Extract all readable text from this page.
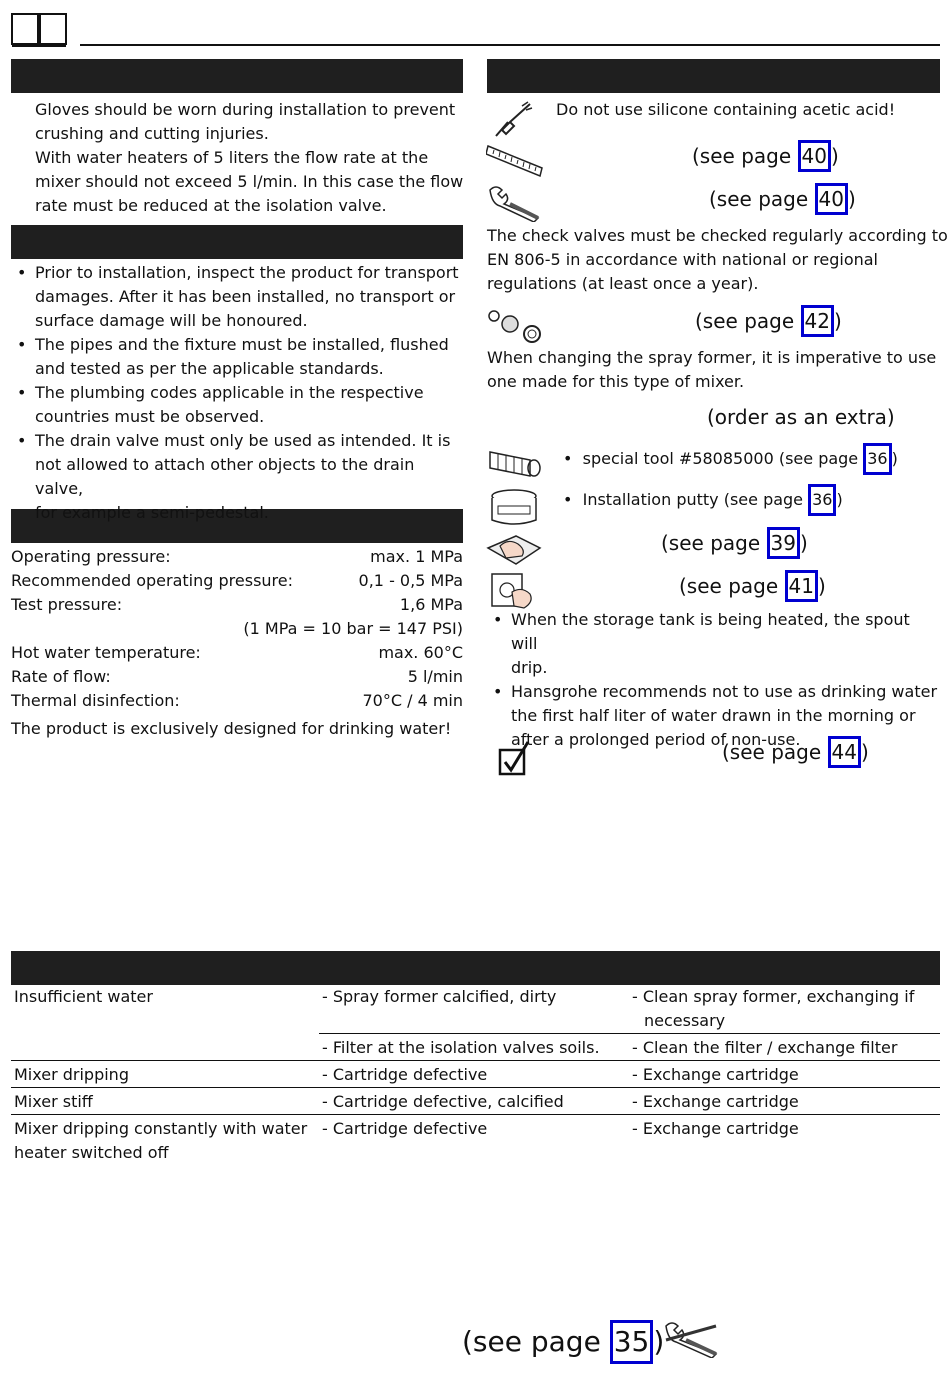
Gloves should be worn during installation to prevent
crushing and cutting injuries.
With water heaters of 5 liters the flow rate at the
mixer should not exceed 5 l/min. In this case the flow
rate must be reduced at the isolation valve.
• Prior to installation, inspect the product for transport
damages. After it has been installed, no transport or
surface damage will be honoured.
• The pipes and the fixture must be installed, flushed
and tested as per the applicable standards.
• The plumbing codes applicable in the respective
countries must be observed.
• The drain valve must only be used as intended. It is
not allowed to attach other objects to the drain valve,
for example a semi-pedestal.
Operating pressure:	max. 1 MPa
Recommended operating pressure:	0,1 - 0,5 MPa
Test pressure:	1,6 MPa
(1 MPa = 10 bar = 147 PSI)
Hot water temperature:	max. 60°C
Rate of flow:	5 l/min
Thermal disinfection:	70°C / 4 min
The product is exclusively designed for drinking water!
Do not use silicone containing acetic acid!
(see page 40 )
(see page 40 )
The check valves must be checked regularly according to
EN 806-5 in accordance with national or regional
regulations (at least once a year).
(see page 42 )
When changing the spray former, it is imperative to use
one made for this type of mixer.
(order as an extra)
•  special tool #58085000 (see page 36 )
•  Installation putty (see page 36 )
(see page 39 )
(see page 41 )
• When the storage tank is being heated, the spout will
drip.
• Hansgrohe recommends not to use as drinking water
the first half liter of water drawn in the morning or
after a prolonged period of non-use.
(see page 44 )
Insufficient water	- Spray former calcified, dirty	- Clean spray former, exchanging if
necessary

	- Filter at the isolation valves soils.	- Clean the filter / exchange filter

Mixer dripping	- Cartridge defective	- Exchange cartridge

Mixer stiff	- Cartridge defective, calcified	- Exchange cartridge

Mixer dripping constantly with water
heater switched off	- Cartridge defective	- Exchange cartridge
(see page 35 )
